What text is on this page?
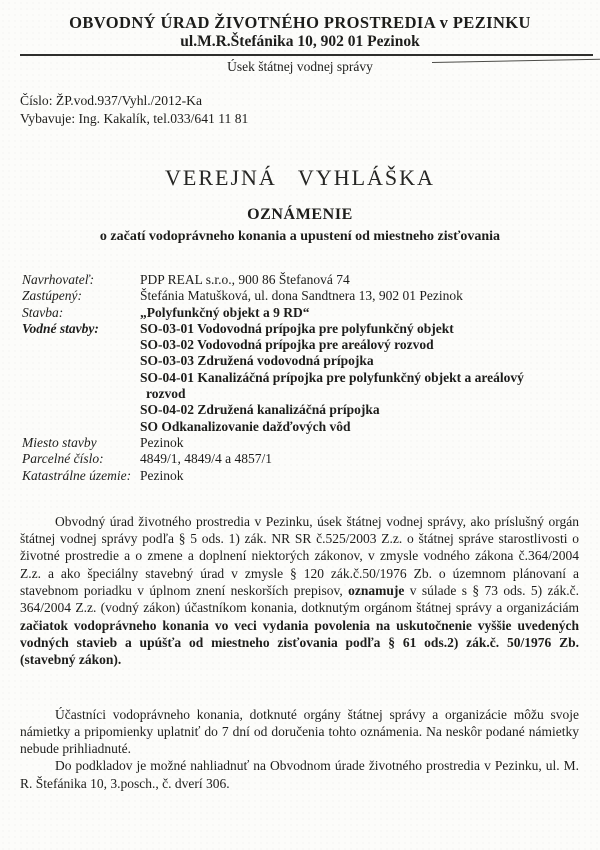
OBVODNÝ ÚRAD ŽIVOTNÉHO PROSTREDIA v PEZINKU
ul.M.R.Štefánika 10, 902 01 Pezinok
Úsek štátnej vodnej správy
Číslo: ŽP.vod.937/Vyhl./2012-Ka
Vybavuje: Ing. Kakalík, tel.033/641 11 81
VEREJNÁ VYHLÁŠKA
OZNÁMENIE
o začatí vodoprávneho konania a upustení od miestneho zisťovania
Navrhovateľ:	PDP REAL s.r.o., 900 86 Štefanová 74
Zastúpený:	Štefánia Matušková, ul. dona Sandtnera 13, 902 01 Pezinok
Stavba:	„Polyfunkčný objekt a 9 RD“
Vodné stavby:	SO-03-01 Vodovodná prípojka pre polyfunkčný objekt
SO-03-02 Vodovodná prípojka pre areálový rozvod
SO-03-03 Združená vodovodná prípojka
SO-04-01 Kanalizáčná prípojka pre polyfunkčný objekt a areálový
rozvod
SO-04-02 Združená kanalizáčná prípojka
SO Odkanalizovanie dažďových vôd
Miesto stavby	Pezinok
Parcelné číslo:	4849/1, 4849/4 a 4857/1
Katastrálne územie: Pezinok

Obvodný úrad životného prostredia v Pezinku, úsek štátnej vodnej správy, ako príslušný orgán štátnej vodnej správy podľa § 5 ods. 1) zák. NR SR č.525/2003 Z.z. o štátnej správe starostlivosti o životné prostredie a o zmene a doplnení niektorých zákonov, v zmysle vodného zákona č.364/2004 Z.z. a ako špeciálny stavebný úrad v zmysle § 120 zák.č.50/1976 Zb. o územnom plánovaní a stavebnom poriadku v úplnom znení neskorších prepisov, oznamuje v súlade s § 73 ods. 5) zák.č. 364/2004 Z.z. (vodný zákon) účastníkom konania, dotknutým orgánom štátnej správy a organizáciám začiatok vodoprávneho konania vo veci vydania povolenia na uskutočnenie vyššie uvedených vodných stavieb a upúšťa od miestneho zisťovania podľa § 61 ods.2) zák.č. 50/1976 Zb. (stavebný zákon).

Účastníci vodoprávneho konania, dotknuté orgány štátnej správy a organizácie môžu svoje námietky a pripomienky uplatniť do 7 dní od doručenia tohto oznámenia. Na neskôr podané námietky nebude prihliadnuté.

Do podkladov je možné nahliadnuť na Obvodnom úrade životného prostredia v Pezinku, ul. M. R. Štefánika 10, 3.posch., č. dverí 306.
